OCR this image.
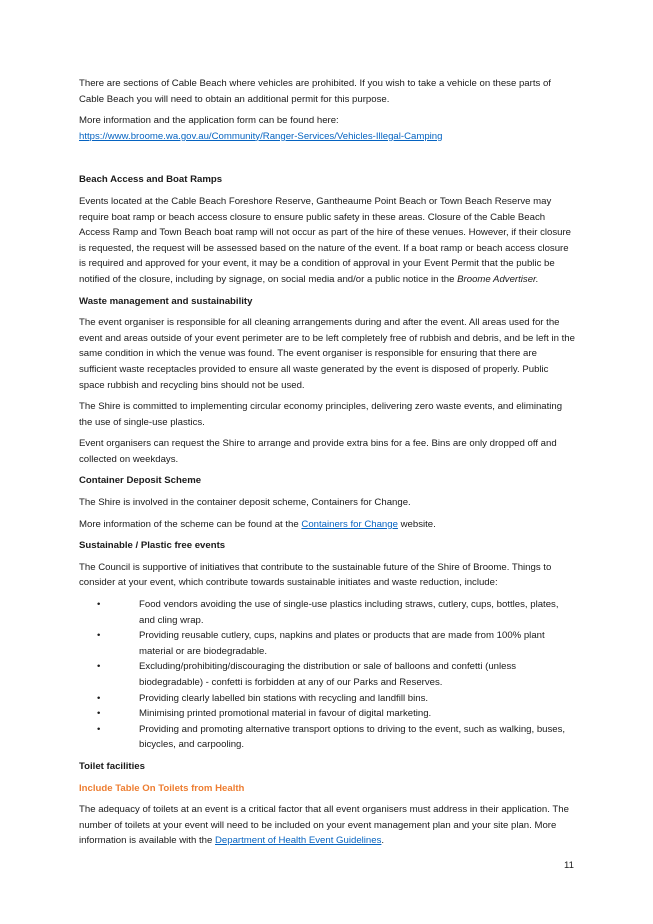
There are sections of Cable Beach where vehicles are prohibited. If you wish to take a vehicle on these parts of Cable Beach you will need to obtain an additional permit for this purpose.

More information and the application form can be found here:
https://www.broome.wa.gov.au/Community/Ranger-Services/Vehicles-Illegal-Camping

Beach Access and Boat Ramps

Events located at the Cable Beach Foreshore Reserve, Gantheaume Point Beach or Town Beach Reserve may require boat ramp or beach access closure to ensure public safety in these areas. Closure of the Cable Beach Access Ramp and Town Beach boat ramp will not occur as part of the hire of these venues. However, if their closure is requested, the request will be assessed based on the nature of the event. If a boat ramp or beach access closure is required and approved for your event, it may be a condition of approval in your Event Permit that the public be notified of the closure, including by signage, on social media and/or a public notice in the Broome Advertiser.

Waste management and sustainability

The event organiser is responsible for all cleaning arrangements during and after the event. All areas used for the event and areas outside of your event perimeter are to be left completely free of rubbish and debris, and be left in the same condition in which the venue was found. The event organiser is responsible for ensuring that there are sufficient waste receptacles provided to ensure all waste generated by the event is disposed of properly. Public space rubbish and recycling bins should not be used.

The Shire is committed to implementing circular economy principles, delivering zero waste events, and eliminating the use of single-use plastics.

Event organisers can request the Shire to arrange and provide extra bins for a fee. Bins are only dropped off and collected on weekdays.

Container Deposit Scheme

The Shire is involved in the container deposit scheme, Containers for Change.

More information of the scheme can be found at the Containers for Change website.

Sustainable / Plastic free events

The Council is supportive of initiatives that contribute to the sustainable future of the Shire of Broome. Things to consider at your event, which contribute towards sustainable initiates and waste reduction, include:

•	Food vendors avoiding the use of single-use plastics including straws, cutlery, cups, bottles, plates, and cling wrap.
•	Providing reusable cutlery, cups, napkins and plates or products that are made from 100% plant material or are biodegradable.
•	Excluding/prohibiting/discouraging the distribution or sale of balloons and confetti (unless biodegradable) - confetti is forbidden at any of our Parks and Reserves.
•	Providing clearly labelled bin stations with recycling and landfill bins.
•	Minimising printed promotional material in favour of digital marketing.
•	Providing and promoting alternative transport options to driving to the event, such as walking, buses, bicycles, and carpooling.
Toilet facilities
Include Table On Toilets from Health

The adequacy of toilets at an event is a critical factor that all event organisers must address in their application. The number of toilets at your event will need to be included on your event management plan and your site plan. More information is available with the Department of Health Event Guidelines.

11
